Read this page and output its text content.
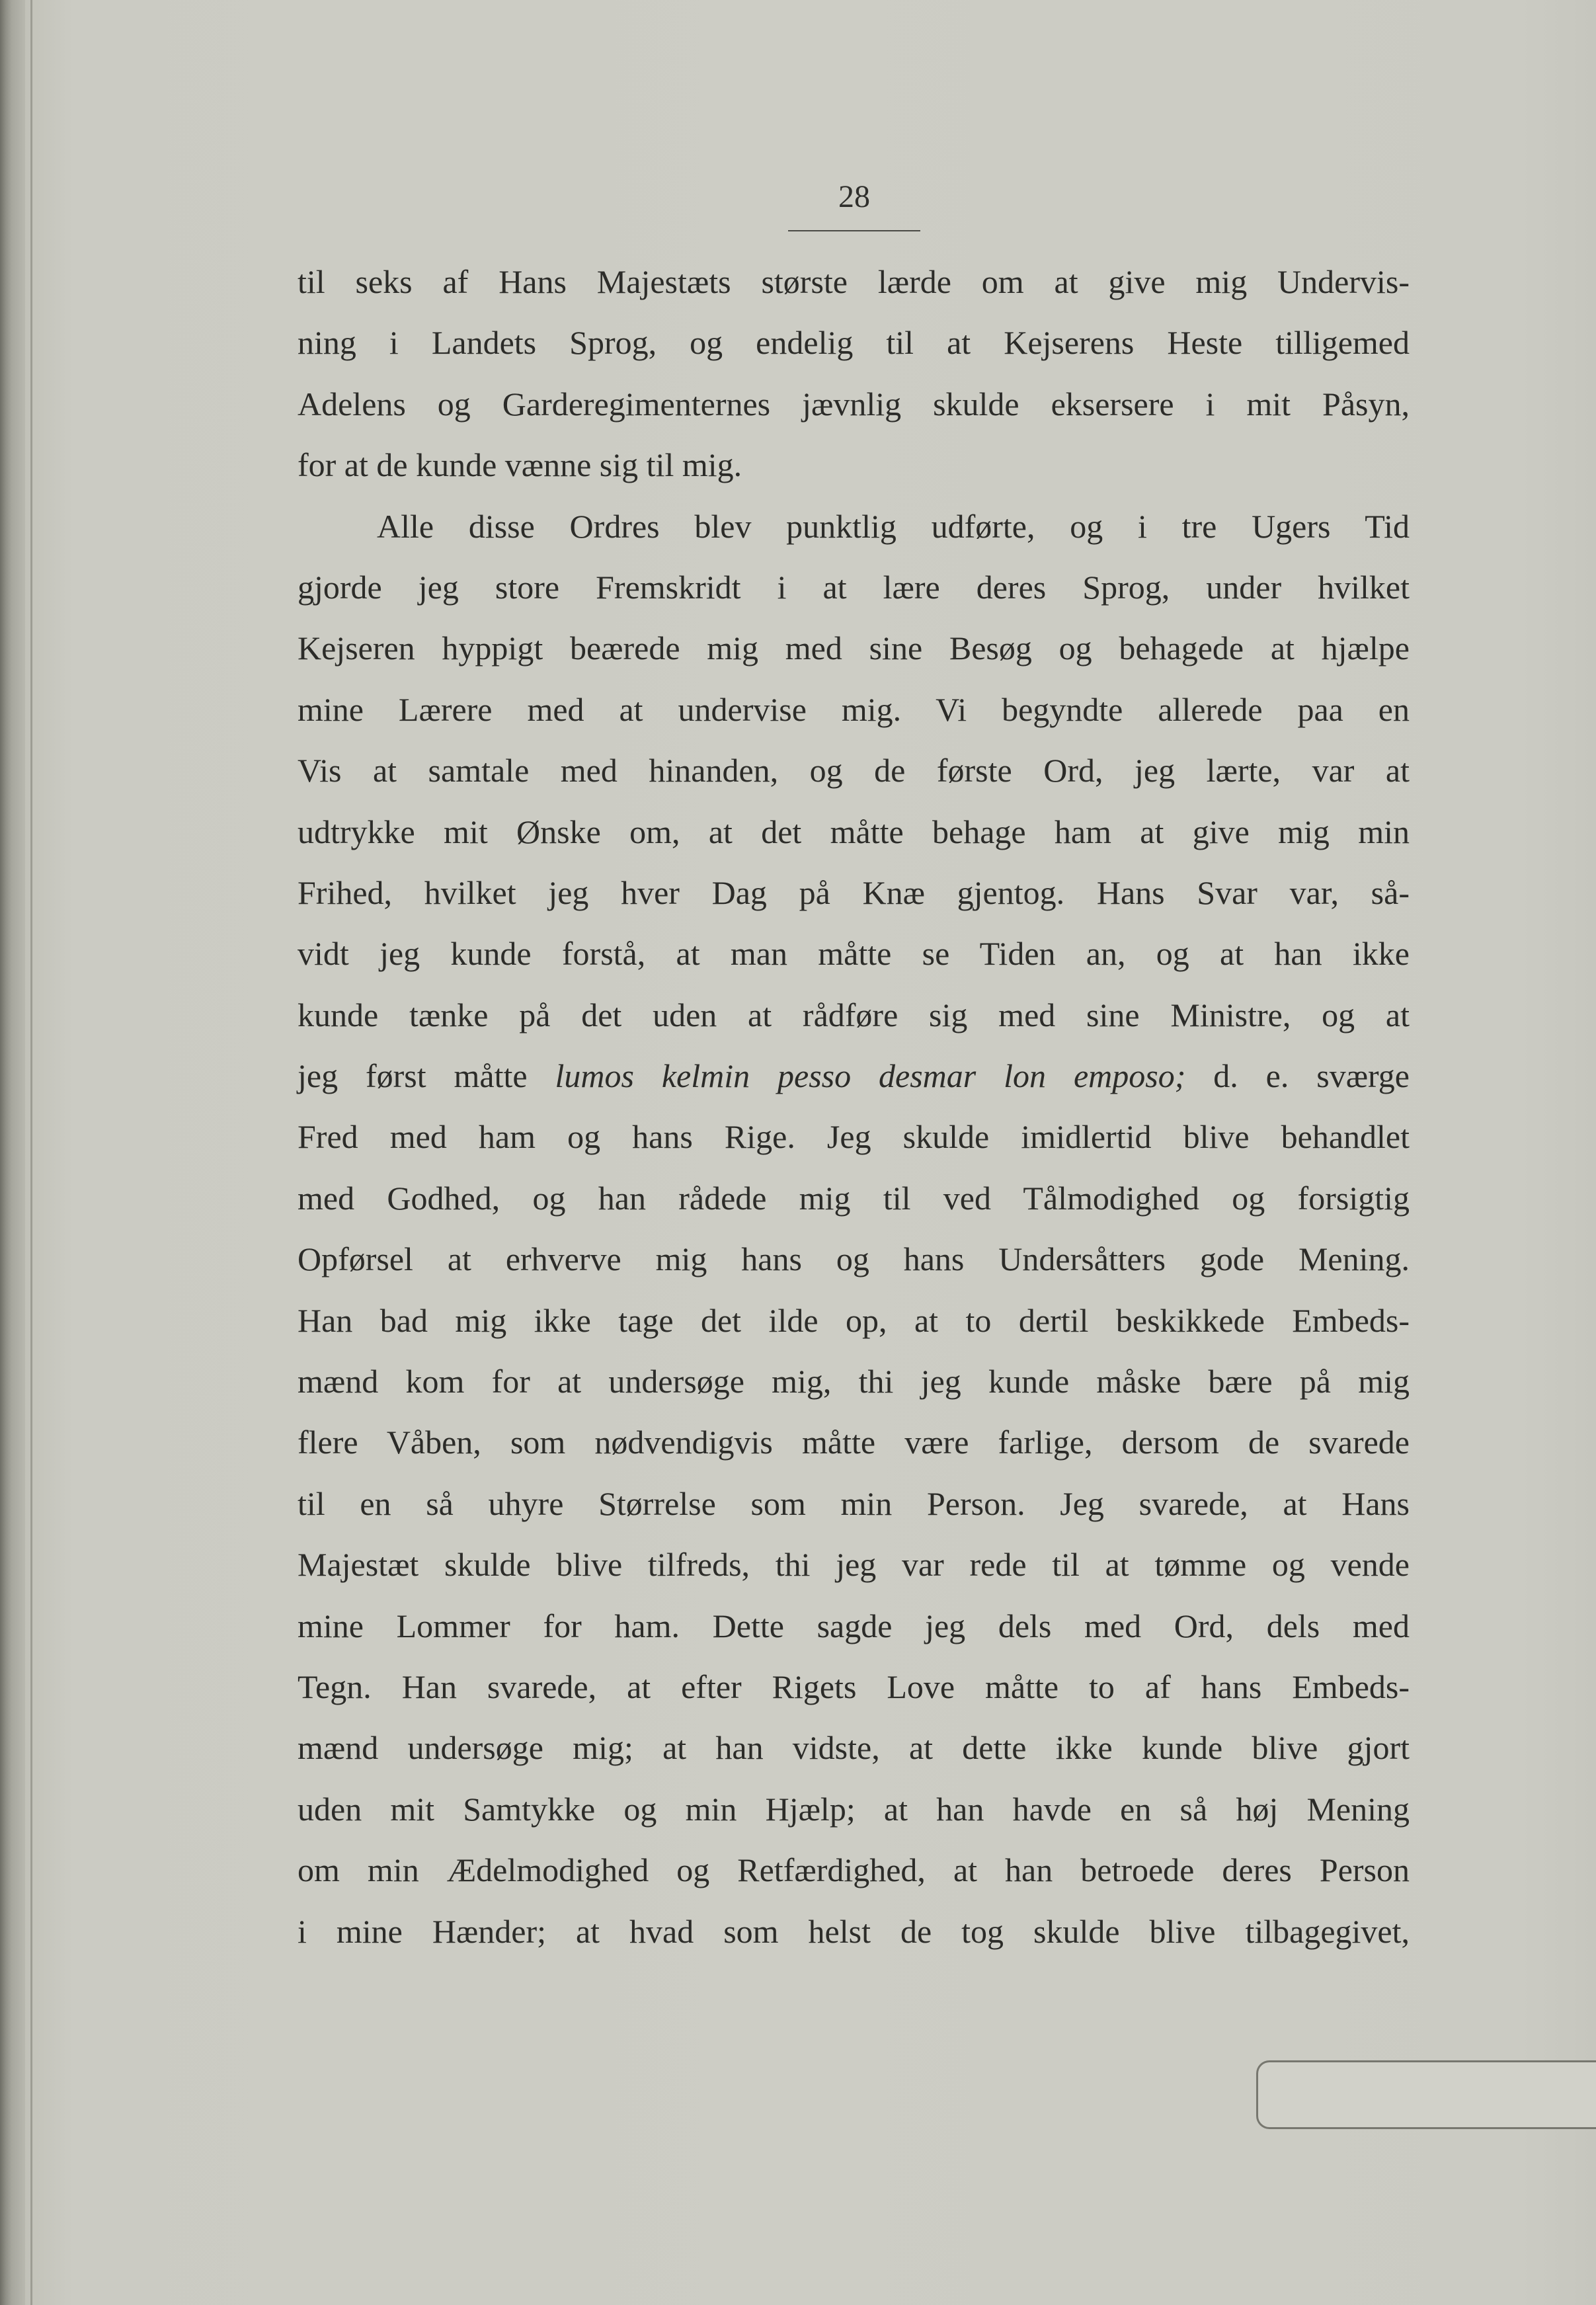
28

til seks af Hans Majestæts største lærde om at give mig Undervis-
ning i Landets Sprog, og endelig til at Kejserens Heste tilligemed
Adelens og Garderegimenternes jævnlig skulde eksersere i mit Påsyn,
for at de kunde vænne sig til mig.
Alle disse Ordres blev punktlig udførte, og i tre Ugers Tid
gjorde jeg store Fremskridt i at lære deres Sprog, under hvilket
Kejseren hyppigt beærede mig med sine Besøg og behagede at hjælpe
mine Lærere med at undervise mig. Vi begyndte allerede paa en
Vis at samtale med hinanden, og de første Ord, jeg lærte, var at
udtrykke mit Ønske om, at det måtte behage ham at give mig min
Frihed, hvilket jeg hver Dag på Knæ gjentog. Hans Svar var, så-
vidt jeg kunde forstå, at man måtte se Tiden an, og at han ikke
kunde tænke på det uden at rådføre sig med sine Ministre, og at
jeg først måtte lumos kelmin pesso desmar lon emposo; d. e. sværge
Fred med ham og hans Rige. Jeg skulde imidlertid blive behandlet
med Godhed, og han rådede mig til ved Tålmodighed og forsigtig
Opførsel at erhverve mig hans og hans Undersåtters gode Mening.
Han bad mig ikke tage det ilde op, at to dertil beskikkede Embeds-
mænd kom for at undersøge mig, thi jeg kunde måske bære på mig
flere Våben, som nødvendigvis måtte være farlige, dersom de svarede
til en så uhyre Størrelse som min Person. Jeg svarede, at Hans
Majestæt skulde blive tilfreds, thi jeg var rede til at tømme og vende
mine Lommer for ham. Dette sagde jeg dels med Ord, dels med
Tegn. Han svarede, at efter Rigets Love måtte to af hans Embeds-
mænd undersøge mig; at han vidste, at dette ikke kunde blive gjort
uden mit Samtykke og min Hjælp; at han havde en så høj Mening
om min Ædelmodighed og Retfærdighed, at han betroede deres Person
i mine Hænder; at hvad som helst de tog skulde blive tilbagegivet,
